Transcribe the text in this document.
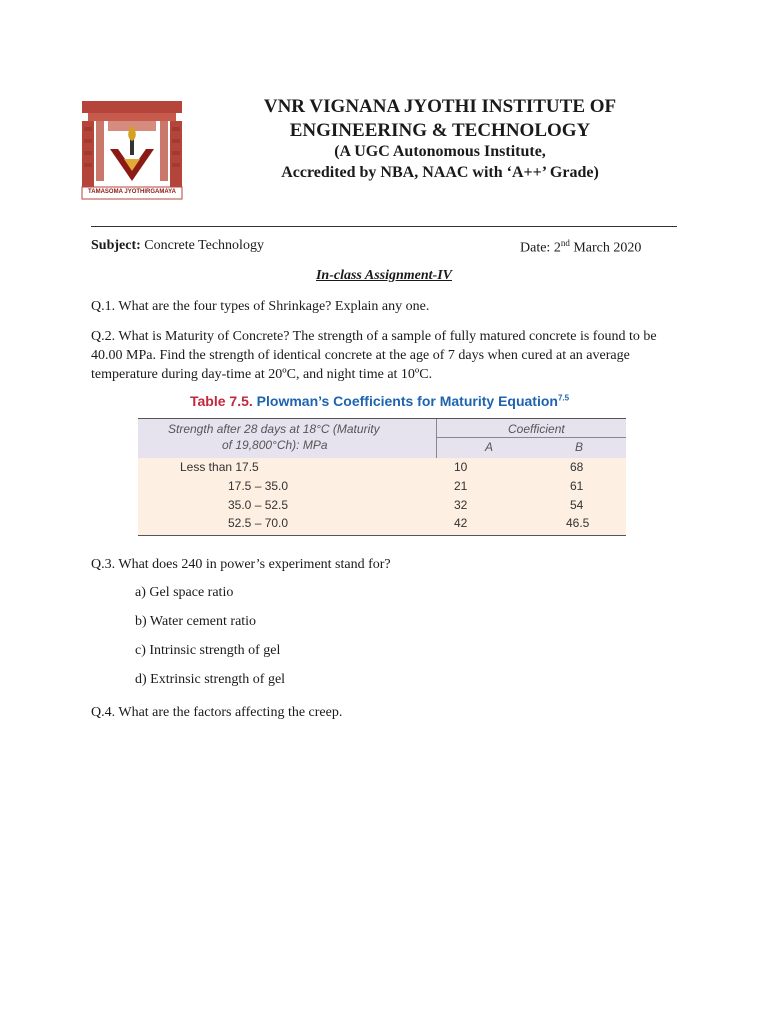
TAMASOMA JYOTHIRGAMAYA
VNR VIGNANA JYOTHI INSTITUTE OF
ENGINEERING & TECHNOLOGY
(A UGC Autonomous Institute,
Accredited by NBA, NAAC with ‘A++’ Grade)
Subject: Concrete Technology	Date: 2nd March 2020
In-class Assignment-IV
Q.1. What are the four types of Shrinkage? Explain any one.
Q.2. What is Maturity of Concrete? The strength of a sample of fully matured concrete is found to be 40.00 MPa. Find the strength of identical concrete at the age of 7 days when cured at an average temperature during day-time at 20ºC, and night time at 10ºC.
Table 7.5. Plowman’s Coefficients for Maturity Equation$^{7.5}$
Strength after 28 days at 18°C (Maturity
of 19,800°Ch): MPa
Coefficient
A	B
Less than 17.5	10	68
17.5 – 35.0	21	61
35.0 – 52.5	32	54
52.5 – 70.0	42	46.5
Q.3. What does 240 in power’s experiment stand for?
a) Gel space ratio
b) Water cement ratio
c) Intrinsic strength of gel
d) Extrinsic strength of gel
Q.4. What are the factors affecting the creep.
